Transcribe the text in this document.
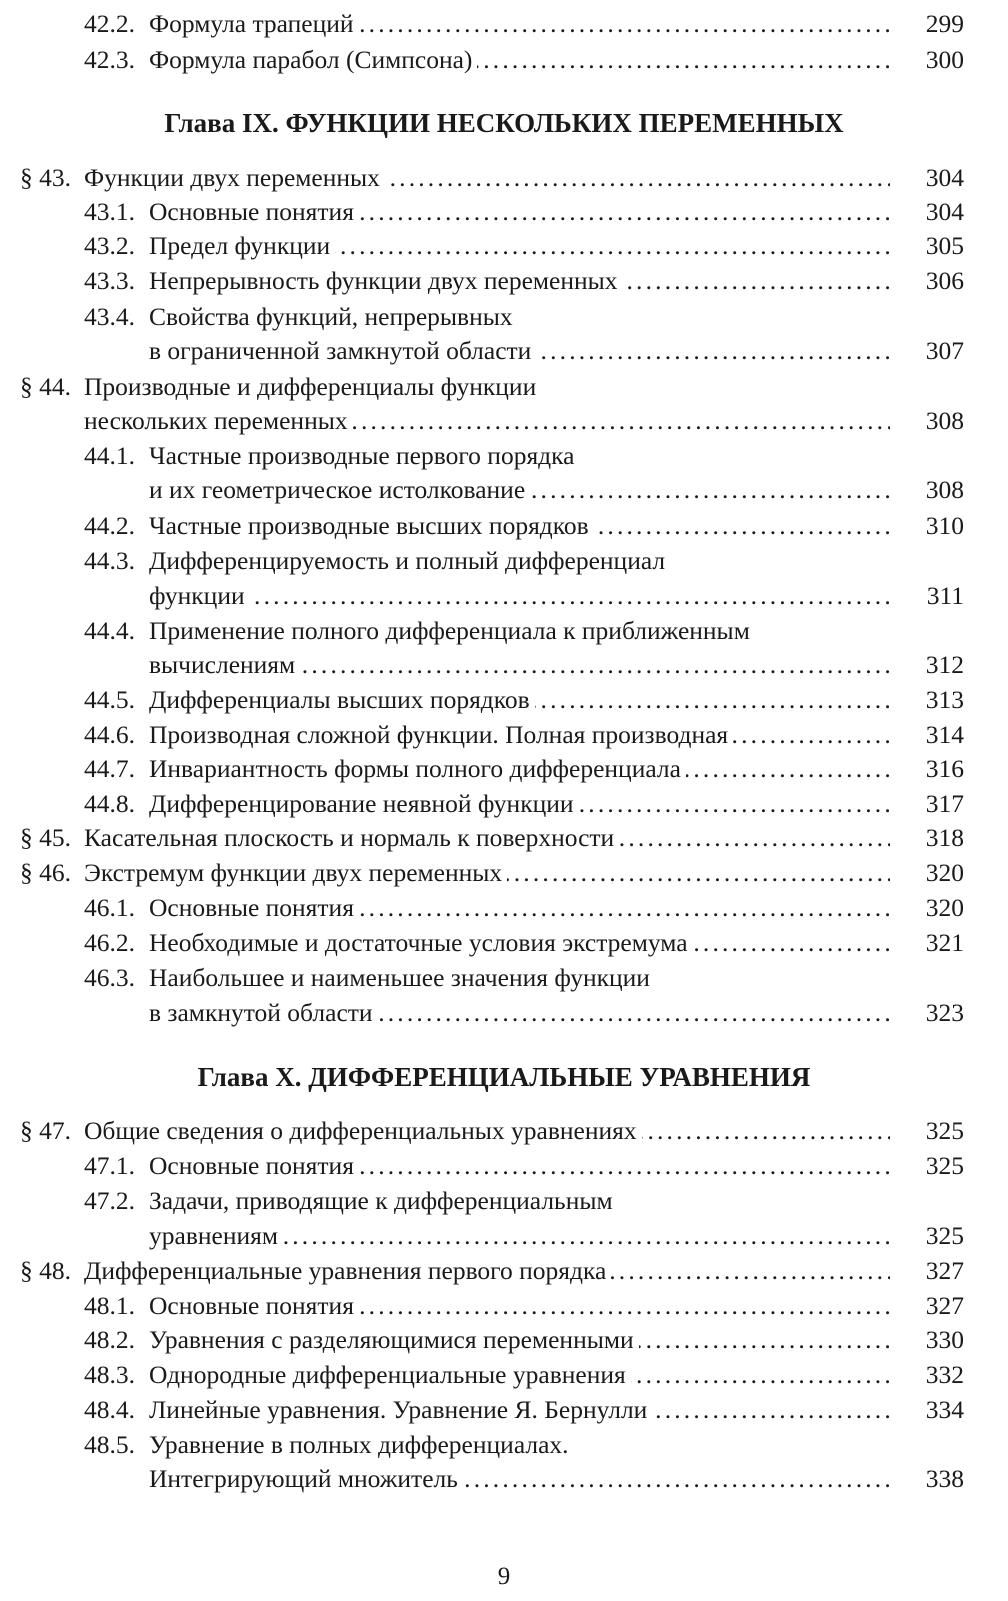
42.2. Формула трапеций . . .	299
42.3. Формула парабол (Симпсона) . . .	300
Глава IX. ФУНКЦИИ НЕСКОЛЬКИХ ПЕРЕМЕННЫХ
§ 43. Функции двух переменных . . .	304
43.1. Основные понятия . . .	304
43.2. Предел функции . . .	305
43.3. Непрерывность функции двух переменных . . .	306
43.4. Свойства функций, непрерывных
в ограниченной замкнутой области . . .	307
§ 44. Производные и дифференциалы функции
нескольких переменных . . .	308
44.1. Частные производные первого порядка
и их геометрическое истолкование . . .	308
44.2. Частные производные высших порядков . . .	310
44.3. Дифференцируемость и полный дифференциал
функции . . .	311
44.4. Применение полного дифференциала к приближенным
вычислениям . . .	312
44.5. Дифференциалы высших порядков . . .	313
44.6. Производная сложной функции. Полная производная . . .	314
44.7. Инвариантность формы полного дифференциала . . .	316
44.8. Дифференцирование неявной функции . . .	317
§ 45. Касательная плоскость и нормаль к поверхности . . .	318
§ 46. Экстремум функции двух переменных . . .	320
46.1. Основные понятия . . .	320
46.2. Необходимые и достаточные условия экстремума . . .	321
46.3. Наибольшее и наименьшее значения функции
в замкнутой области . . .	323
Глава X. ДИФФЕРЕНЦИАЛЬНЫЕ УРАВНЕНИЯ
§ 47. Общие сведения о дифференциальных уравнениях . . .	325
47.1. Основные понятия . . .	325
47.2. Задачи, приводящие к дифференциальным
уравнениям . . .	325
§ 48. Дифференциальные уравнения первого порядка . . .	327
48.1. Основные понятия . . .	327
48.2. Уравнения с разделяющимися переменными . . .	330
48.3. Однородные дифференциальные уравнения . . .	332
48.4. Линейные уравнения. Уравнение Я. Бернулли . . .	334
48.5. Уравнение в полных дифференциалах.
Интегрирующий множитель . . .	338
9
